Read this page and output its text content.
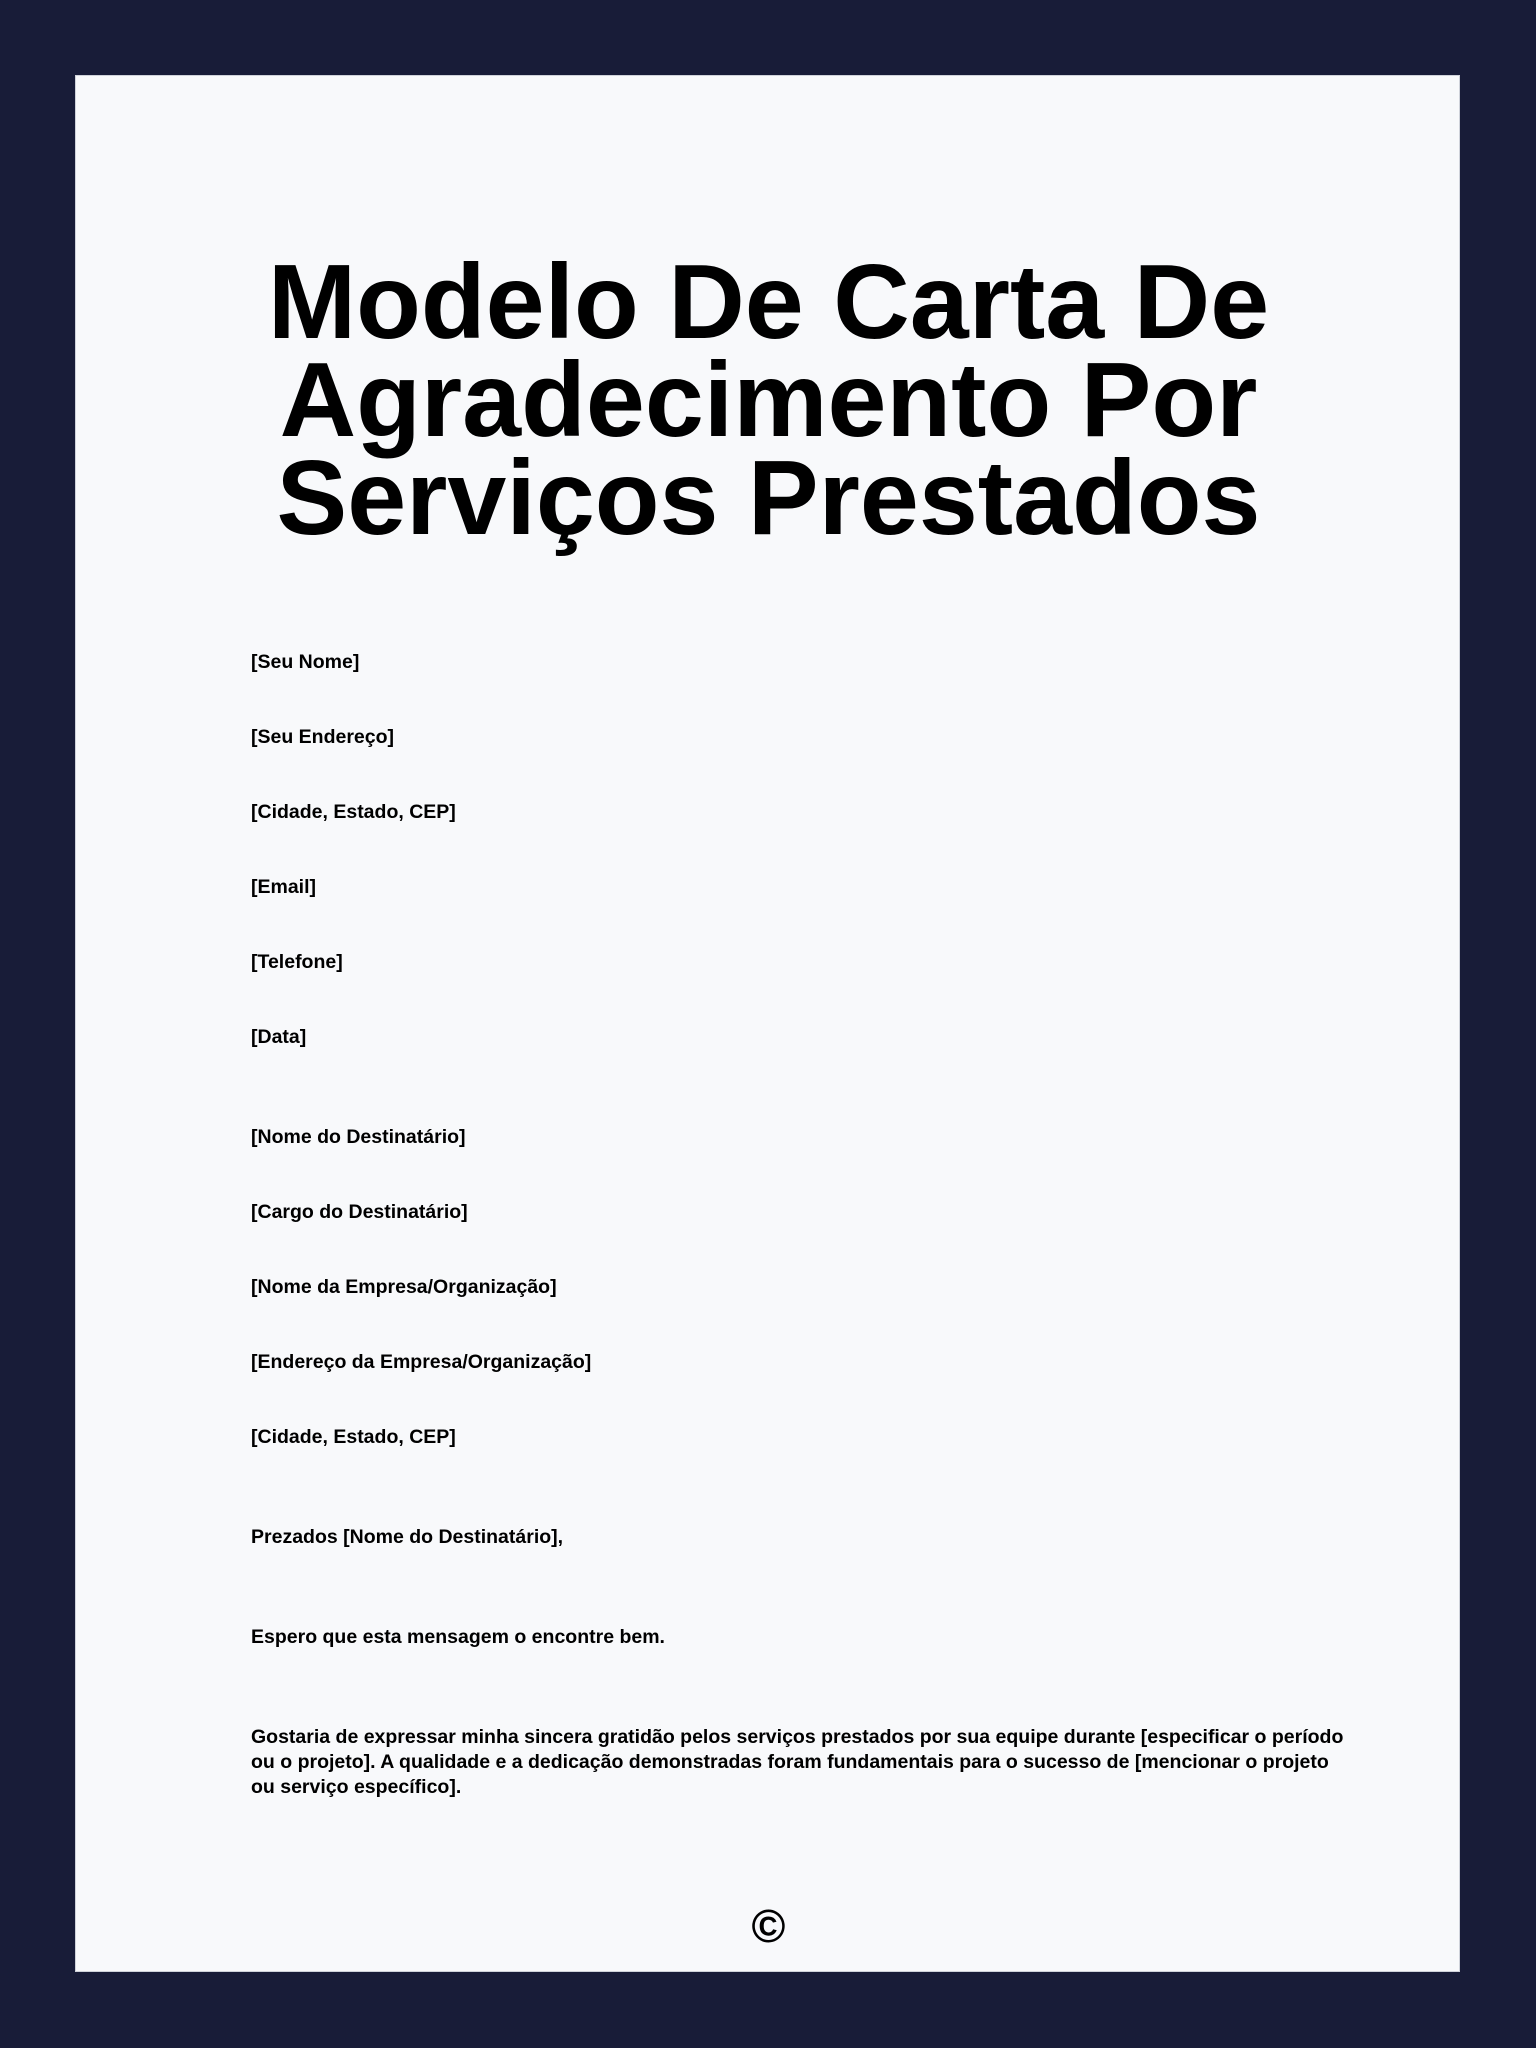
Modelo De Carta De Agradecimento Por Serviços Prestados

[Seu Nome]

[Seu Endereço]

[Cidade, Estado, CEP]

[Email]

[Telefone]

[Data]

[Nome do Destinatário]

[Cargo do Destinatário]

[Nome da Empresa/Organização]

[Endereço da Empresa/Organização]

[Cidade, Estado, CEP]

Prezados [Nome do Destinatário],

Espero que esta mensagem o encontre bem.

Gostaria de expressar minha sincera gratidão pelos serviços prestados por sua equipe durante [especificar o período ou o projeto]. A qualidade e a dedicação demonstradas foram fundamentais para o sucesso de [mencionar o projeto ou serviço específico].

©
